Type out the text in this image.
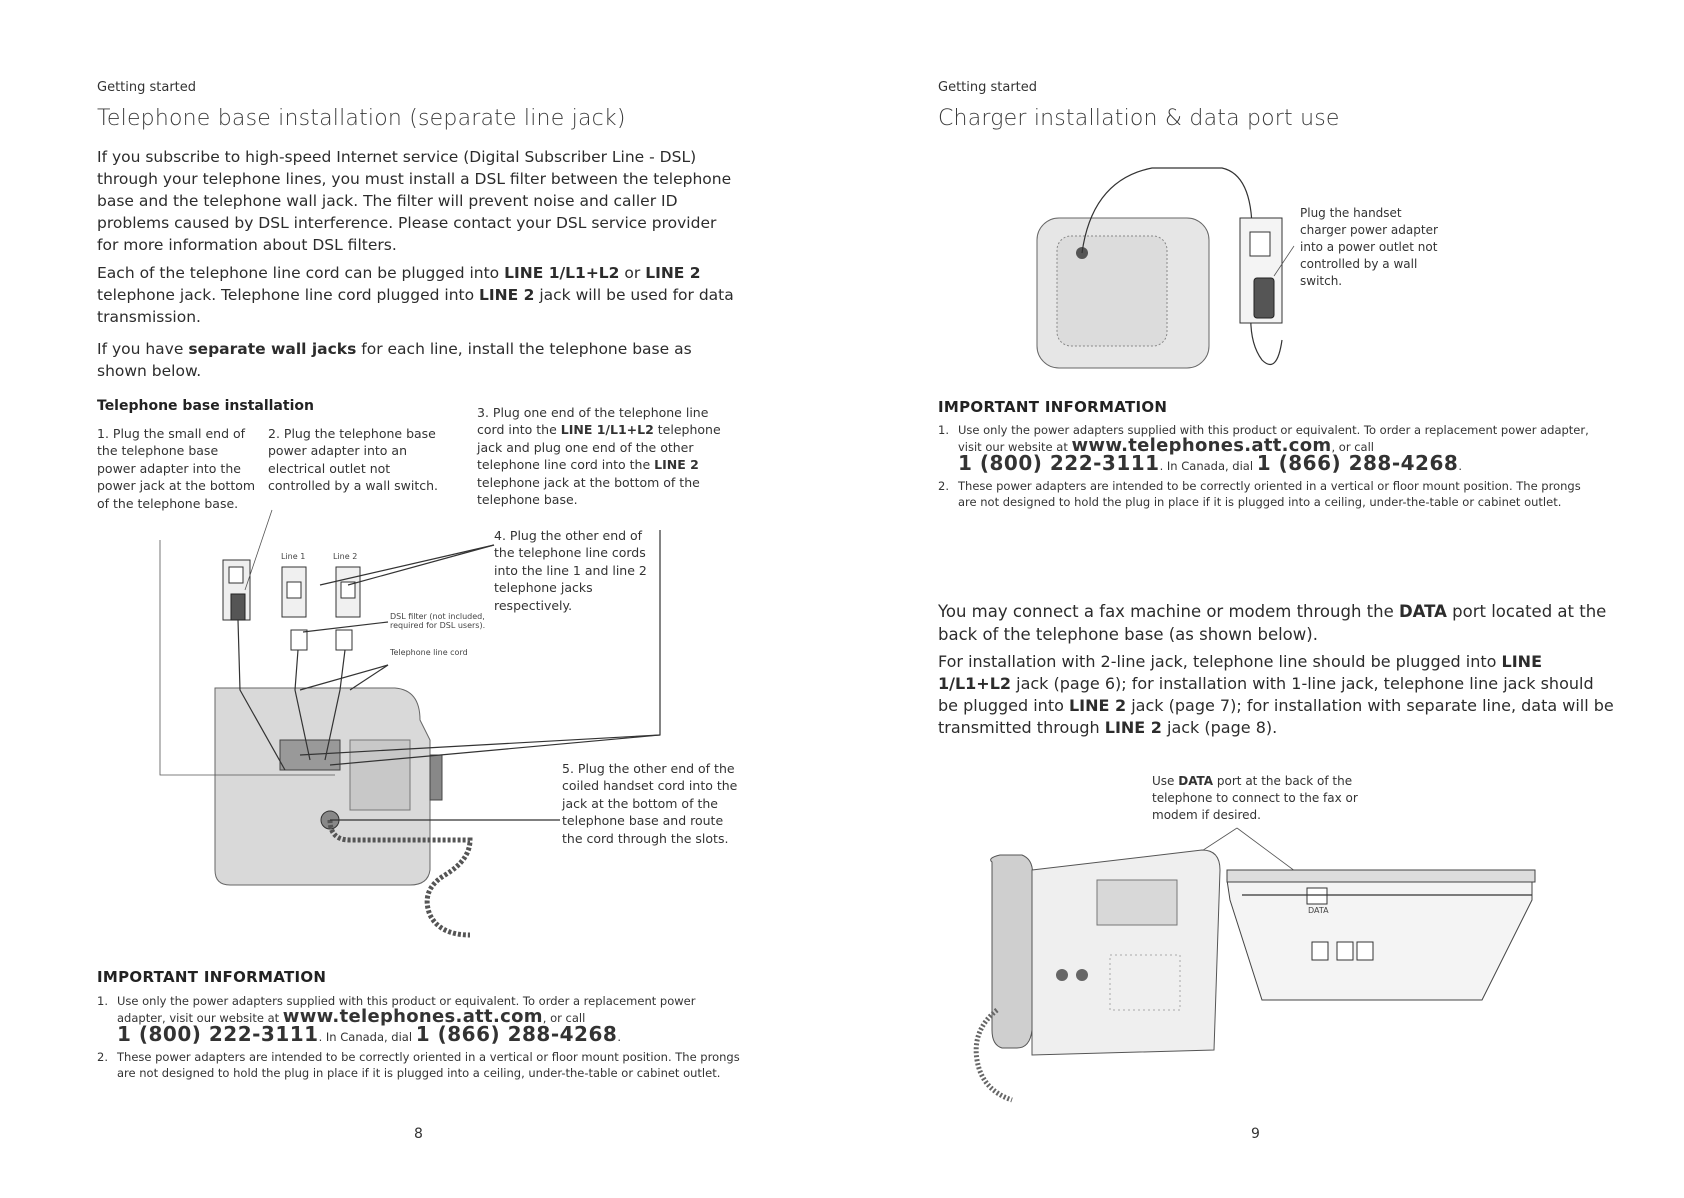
Getting started
Telephone base installation (separate line jack)

If you subscribe to high-speed Internet service (Digital Subscriber Line - DSL) through your telephone lines, you must install a DSL filter between the telephone base and the telephone wall jack. The filter will prevent noise and caller ID problems caused by DSL interference. Please contact your DSL service provider for more information about DSL filters.

Each of the telephone line cord can be plugged into LINE 1/L1+L2 or LINE 2 telephone jack. Telephone line cord plugged into LINE 2 jack will be used for data transmission.

If you have separate wall jacks for each line, install the telephone base as shown below.

Telephone base installation

1. Plug the small end of the telephone base power adapter into the power jack at the bottom of the telephone base.

2. Plug the telephone base power adapter into an electrical outlet not controlled by a wall switch.

3. Plug one end of the telephone line cord into the LINE 1/L1+L2 telephone jack and plug one end of the other telephone line cord into the LINE 2 telephone jack at the bottom of the telephone base.

4. Plug the other end of the telephone line cords into the line 1 and line 2 telephone jacks respectively.

5. Plug the other end of the coiled handset cord into the jack at the bottom of the telephone base and route the cord through the slots.

Line 1	Line 2
DSL filter (not included, required for DSL users).
Telephone line cord
IMPORTANT INFORMATION
1. Use only the power adapters supplied with this product or equivalent. To order a replacement power adapter, visit our website at www.telephones.att.com, or call
1 (800) 222-3111. In Canada, dial 1 (866) 288-4268.
2. These power adapters are intended to be correctly oriented in a vertical or floor mount position. The prongs are not designed to hold the plug in place if it is plugged into a ceiling, under-the-table or cabinet outlet.
8
Getting started
Charger installation & data port use

Plug the handset charger power adapter into a power outlet not controlled by a wall switch.

IMPORTANT INFORMATION
1. Use only the power adapters supplied with this product or equivalent. To order a replacement power adapter, visit our website at www.telephones.att.com, or call
1 (800) 222-3111. In Canada, dial 1 (866) 288-4268.
2. These power adapters are intended to be correctly oriented in a vertical or floor mount position. The prongs are not designed to hold the plug in place if it is plugged into a ceiling, under-the-table or cabinet outlet.

You may connect a fax machine or modem through the DATA port located at the back of the telephone base (as shown below).

For installation with 2-line jack, telephone line should be plugged into LINE 1/L1+L2 jack (page 6); for installation with 1-line jack, telephone line jack should be plugged into LINE 2 jack (page 7); for installation with separate line, data will be transmitted through LINE 2 jack (page 8).

Use DATA port at the back of the telephone to connect to the fax or modem if desired.

DATA
9
